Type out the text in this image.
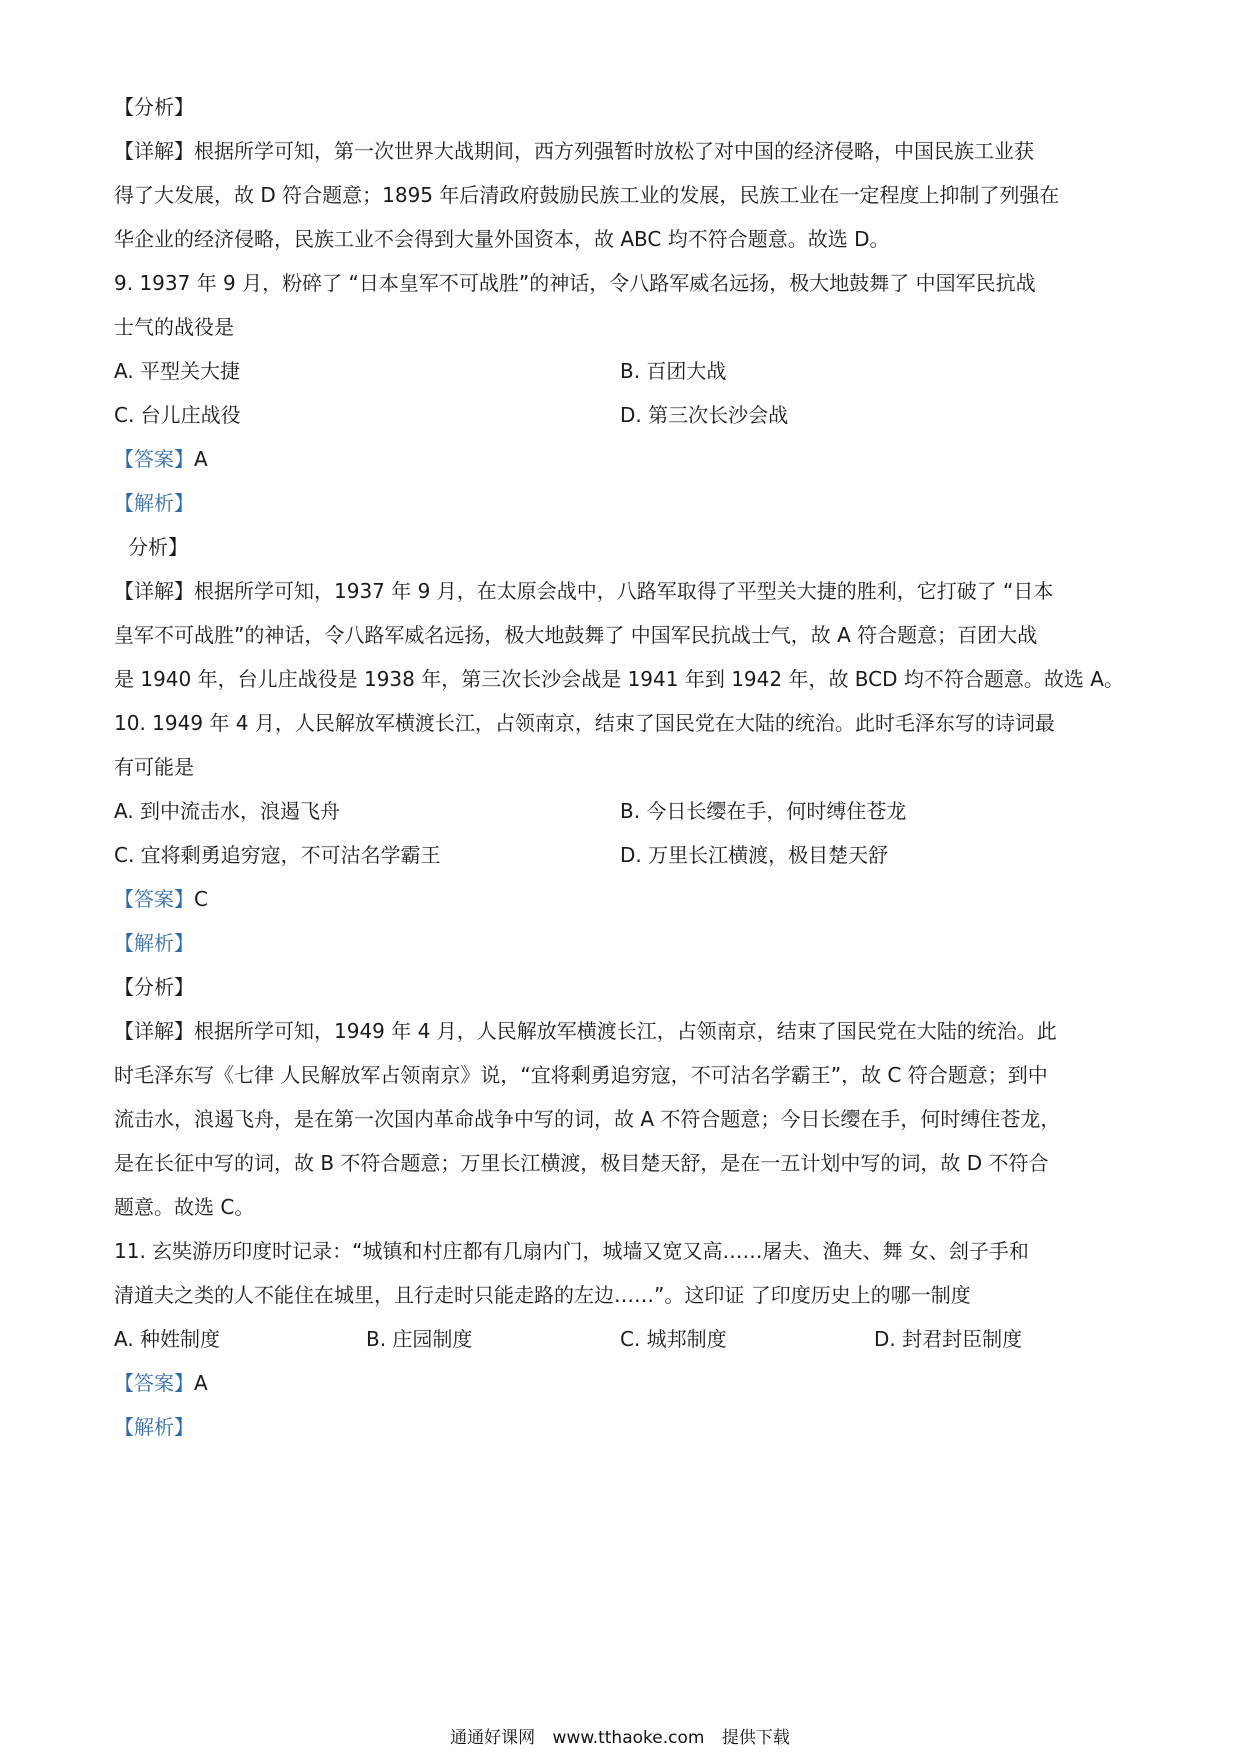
【分析】
【详解】根据所学可知，第一次世界大战期间，西方列强暂时放松了对中国的经济侵略，中国民族工业获
得了大发展，故 D 符合题意；1895 年后清政府鼓励民族工业的发展，民族工业在一定程度上抑制了列强在
华企业的经济侵略，民族工业不会得到大量外国资本，故 ABC 均不符合题意。故选 D。
9. 1937 年 9 月，粉碎了 “日本皇军不可战胜”的神话，令八路军威名远扬，极大地鼓舞了 中国军民抗战
士气的战役是
A. 平型关大捷	B. 百团大战
C. 台儿庄战役	D. 第三次长沙会战
【答案】A
【解析】
分析】
【详解】根据所学可知，1937 年 9 月，在太原会战中，八路军取得了平型关大捷的胜利，它打破了 “日本
皇军不可战胜”的神话，令八路军威名远扬，极大地鼓舞了 中国军民抗战士气，故 A 符合题意；百团大战
是 1940 年，台儿庄战役是 1938 年，第三次长沙会战是 1941 年到 1942 年，故 BCD 均不符合题意。故选 A。
10. 1949 年 4 月，人民解放军横渡长江，占领南京，结束了国民党在大陆的统治。此时毛泽东写的诗词最
有可能是
A. 到中流击水，浪遏飞舟	B. 今日长缨在手，何时缚住苍龙
C. 宜将剩勇追穷寇，不可沽名学霸王	D. 万里长江横渡，极目楚天舒
【答案】C
【解析】
【分析】
【详解】根据所学可知，1949 年 4 月，人民解放军横渡长江，占领南京，结束了国民党在大陆的统治。此
时毛泽东写《七律 人民解放军占领南京》说，“宜将剩勇追穷寇，不可沽名学霸王”，故 C 符合题意；到中
流击水，浪遏飞舟，是在第一次国内革命战争中写的词，故 A 不符合题意；今日长缨在手，何时缚住苍龙，
是在长征中写的词，故 B 不符合题意；万里长江横渡，极目楚天舒，是在一五计划中写的词，故 D 不符合
题意。故选 C。
11. 玄奘游历印度时记录：“城镇和村庄都有几扇内门，城墙又宽又高……屠夫、渔夫、舞 女、刽子手和
清道夫之类的人不能住在城里，且行走时只能走路的左边……”。这印证 了印度历史上的哪一制度
A. 种姓制度	B. 庄园制度	C. 城邦制度	D. 封君封臣制度
【答案】A
【解析】
通通好课网 www.tthaoke.com 提供下载
